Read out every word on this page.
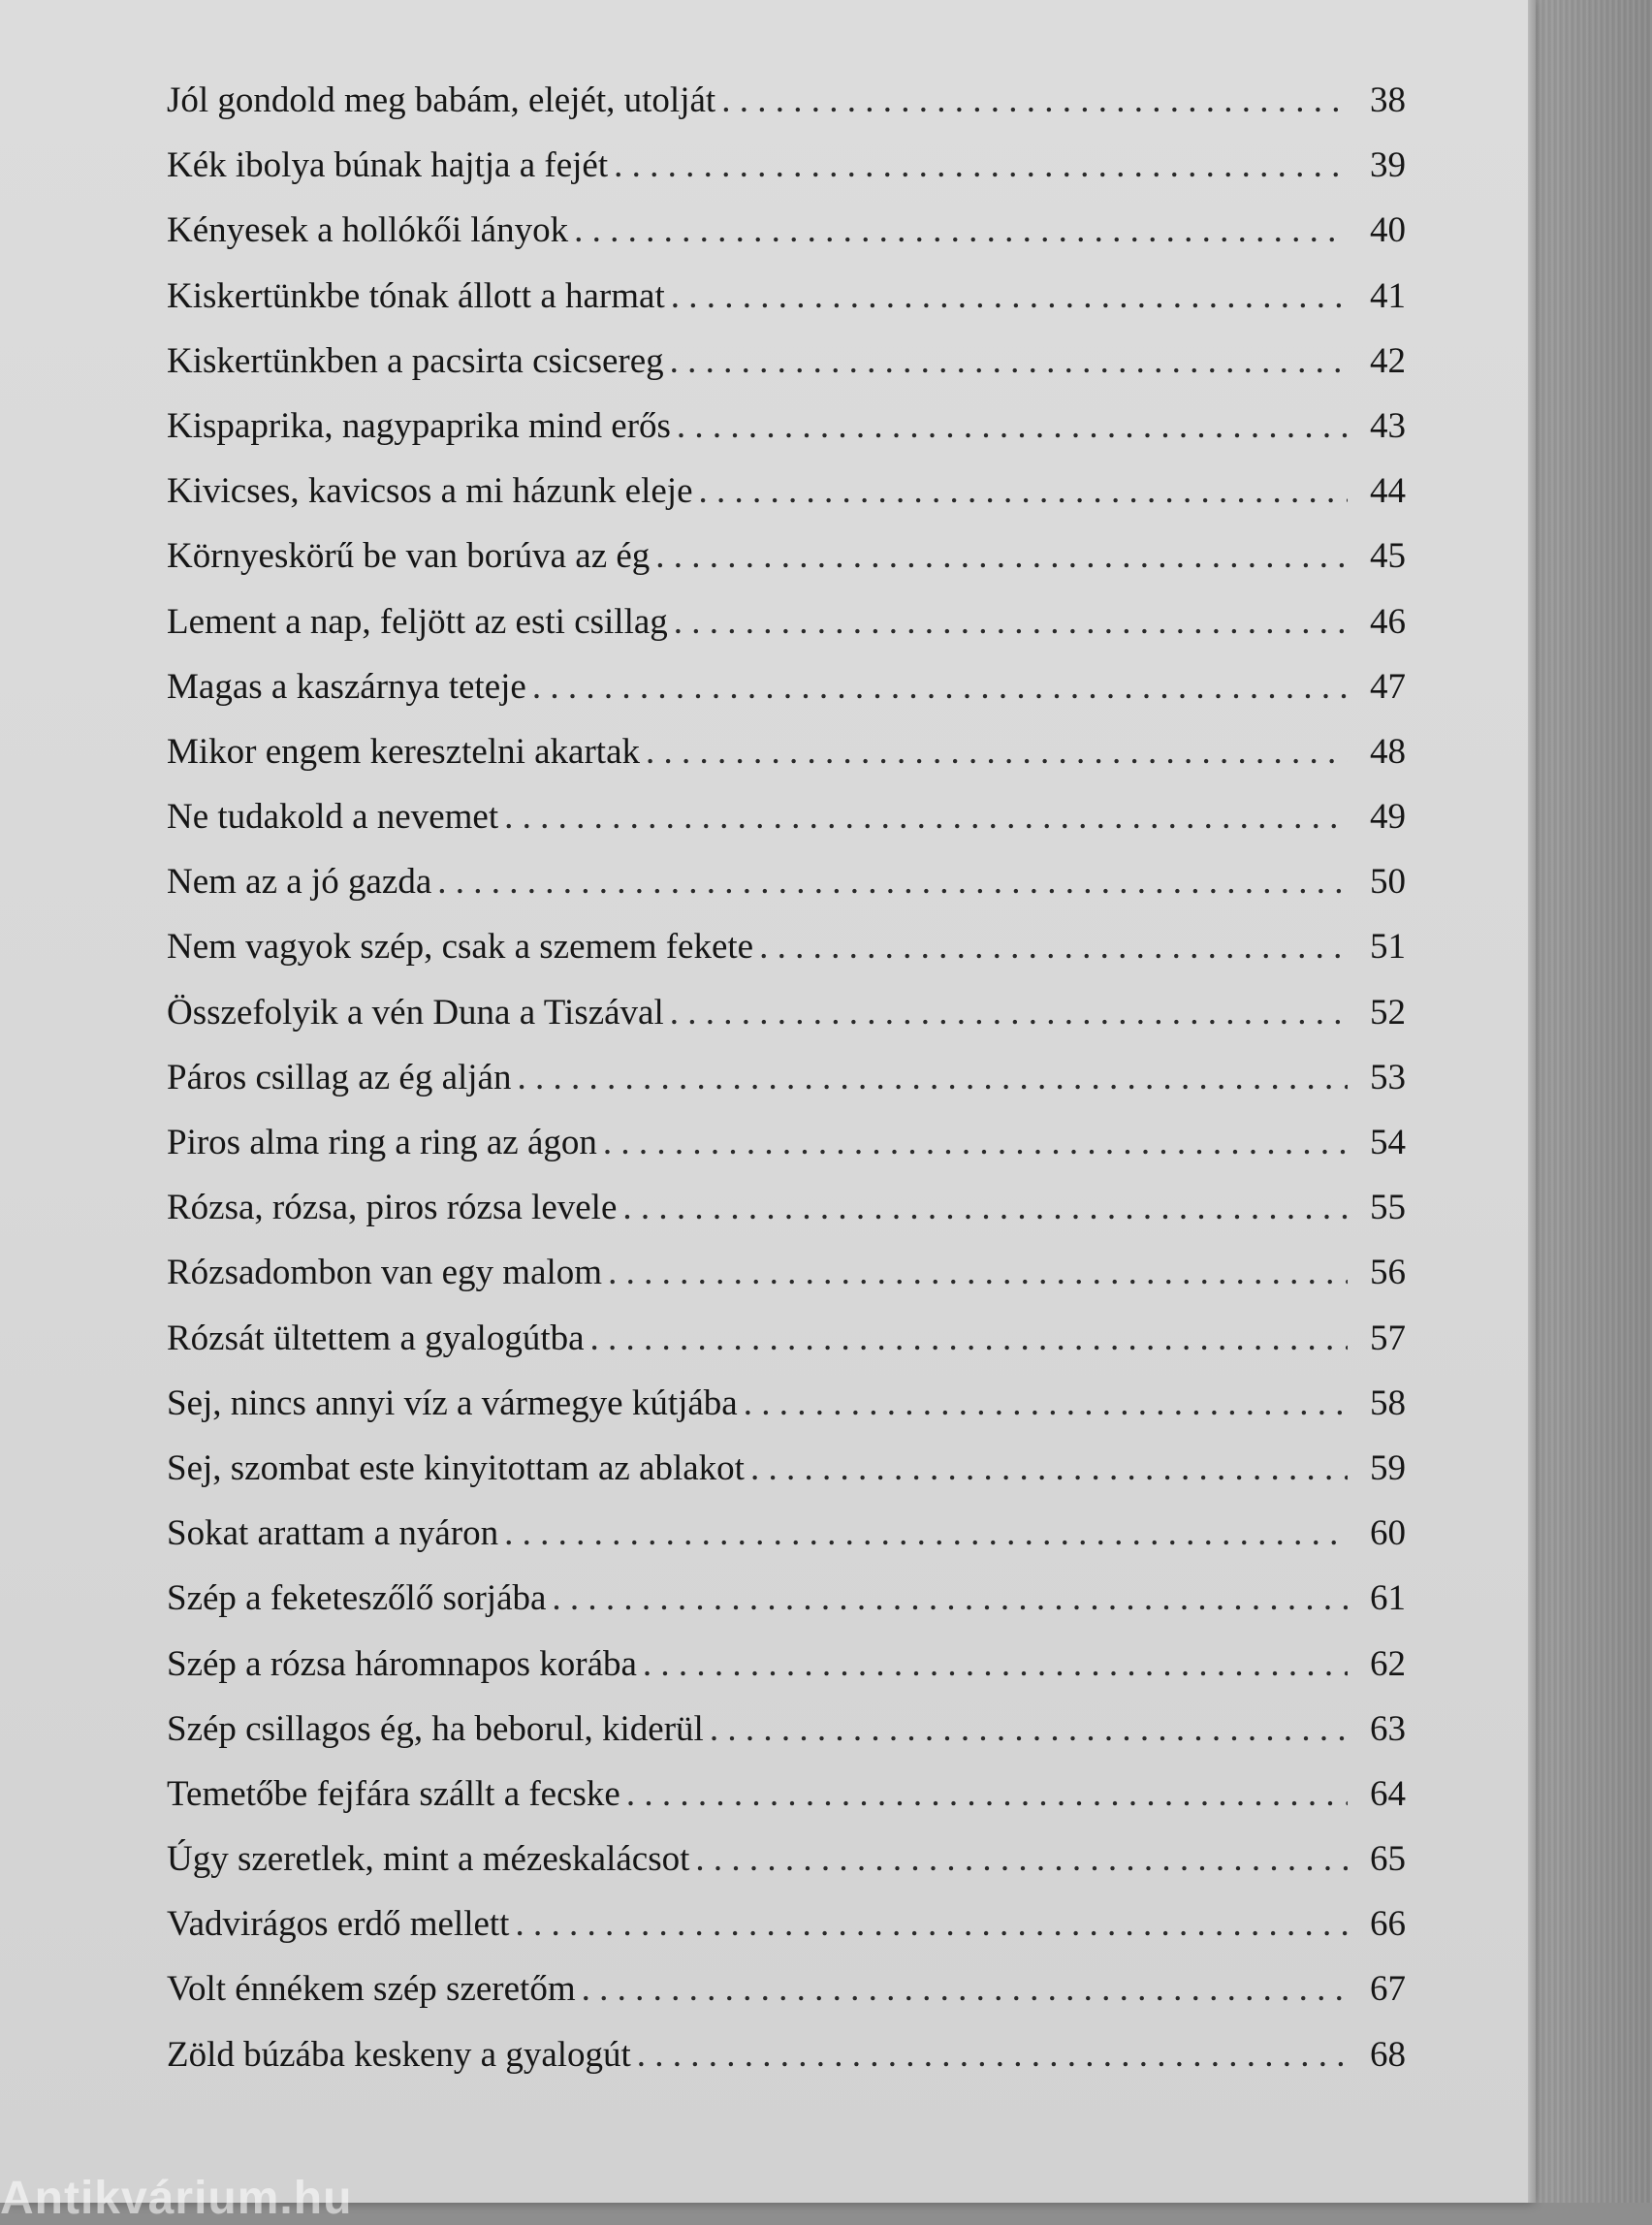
Jól gondold meg babám, elejét, utolját . . .	38
Kék ibolya búnak hajtja a fejét . . .	39
Kényesek a hollókői lányok . . .	40
Kiskertünkbe tónak állott a harmat . . .	41
Kiskertünkben a pacsirta csicsereg . . .	42
Kispaprika, nagypaprika mind erős . . .	43
Kivicses, kavicsos a mi házunk eleje . . .	44
Környeskörű be van borúva az ég . . .	45
Lement a nap, feljött az esti csillag . . .	46
Magas a kaszárnya teteje . . .	47
Mikor engem keresztelni akartak . . .	48
Ne tudakold a nevemet . . .	49
Nem az a jó gazda . . .	50
Nem vagyok szép, csak a szemem fekete . . .	51
Összefolyik a vén Duna a Tiszával . . .	52
Páros csillag az ég alján . . .	53
Piros alma ring a ring az ágon . . .	54
Rózsa, rózsa, piros rózsa levele . . .	55
Rózsadombon van egy malom . . .	56
Rózsát ültettem a gyalogútba . . .	57
Sej, nincs annyi víz a vármegye kútjába . . .	58
Sej, szombat este kinyitottam az ablakot . . .	59
Sokat arattam a nyáron . . .	60
Szép a feketeszőlő sorjába . . .	61
Szép a rózsa háromnapos korába . . .	62
Szép csillagos ég, ha beborul, kiderül . . .	63
Temetőbe fejfára szállt a fecske . . .	64
Úgy szeretlek, mint a mézeskalácsot . . .	65
Vadvirágos erdő mellett . . .	66
Volt énnékem szép szeretőm . . .	67
Zöld búzába keskeny a gyalogút . . .	68
Antikvárium.hu
